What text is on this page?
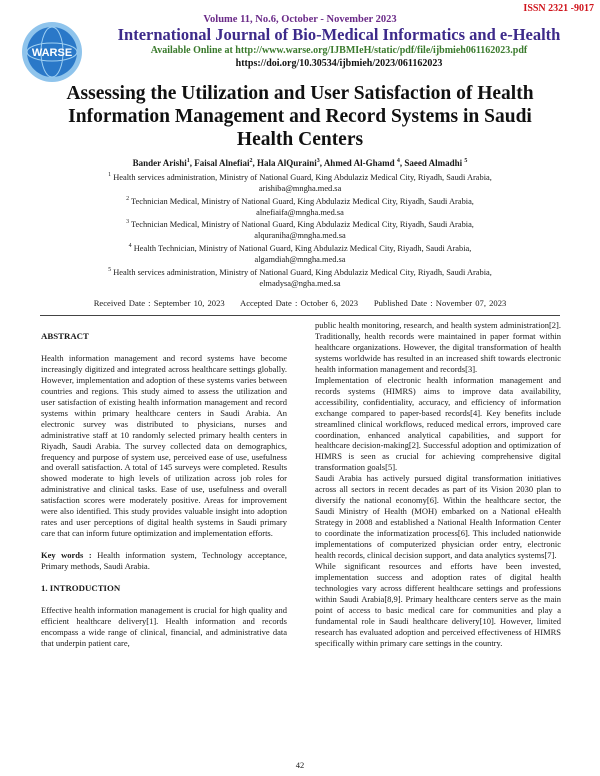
ISSN 2321 -9017
Volume 11, No.6, October - November 2023
WARSE
International Journal of Bio-Medical Informatics and e-Health
Available Online at http://www.warse.org/IJBMIeH/static/pdf/file/ijbmieh061162023.pdf
https://doi.org/10.30534/ijbmieh/2023/061162023
Assessing the Utilization and User Satisfaction of Health Information Management and Record Systems in Saudi Health Centers
Bander Arishi$^1$, Faisal Alnefiai$^2$, Hala AlQuraini$^3$, Ahmed Al-Ghamd $^4$, Saeed Almadhi $^5$
$^1$ Health services administration, Ministry of National Guard, King Abdulaziz Medical City, Riyadh, Saudi Arabia,
arishiba@mngha.med.sa
$^2$ Technician Medical, Ministry of National Guard, King Abdulaziz Medical City, Riyadh, Saudi Arabia,
alnefiaifa@mngha.med.sa
$^3$ Technician Medical, Ministry of National Guard, King Abdulaziz Medical City, Riyadh, Saudi Arabia,
alquraniha@mngha.med.sa
$^4$ Health Technician, Ministry of National Guard, King Abdulaziz Medical City, Riyadh, Saudi Arabia,
algamdiah@mngha.med.sa
$^5$ Health services administration, Ministry of National Guard, King Abdulaziz Medical City, Riyadh, Saudi Arabia,
elmadysa@ngha.med.sa
Received Date : September 10, 2023 Accepted Date : October 6, 2023 Published Date : November 07, 2023

ABSTRACT

Health information management and record systems have become increasingly digitized and integrated across healthcare settings globally. However, implementation and adoption of these systems varies between countries and regions. This study aimed to assess the utilization and user satisfaction of existing health information management and record systems within primary healthcare centers in Saudi Arabia. An electronic survey was distributed to physicians, nurses and administrative staff at 10 randomly selected primary health centers in Riyadh, Saudi Arabia. The survey collected data on demographics, frequency and purpose of system use, perceived ease of use, usefulness and overall satisfaction. A total of 145 surveys were completed. Results showed moderate to high levels of utilization across job roles for administrative and clinical tasks. Ease of use, usefulness and overall satisfaction scores were moderately positive. Areas for improvement were also identified. This study provides valuable insight into adoption rates and user perceptions of digital health systems in Saudi primary care that can inform future optimization and implementation efforts.

Key words : Health information system, Technology acceptance, Primary methods, Saudi Arabia.

1. INTRODUCTION

Effective health information management is crucial for high quality and efficient healthcare delivery[1]. Health information and records encompass a wide range of clinical, financial, and administrative data that underpin patient care,

public health monitoring, research, and health system administration[2]. Traditionally, health records were maintained in paper format within healthcare organizations. However, the digital transformation of health systems worldwide has resulted in an increased shift towards electronic health information management and records[3].

Implementation of electronic health information management and records systems (HIMRS) aims to improve data availability, accessibility, confidentiality, accuracy, and efficiency of information exchange compared to paper-based records[4]. Key benefits include streamlined clinical workflows, reduced medical errors, improved care coordination, enhanced analytical capabilities, and support for healthcare decision-making[2]. Successful adoption and optimization of HIMRS is seen as crucial for achieving comprehensive digital transformation goals[5].

Saudi Arabia has actively pursued digital transformation initiatives across all sectors in recent decades as part of its Vision 2030 plan to diversify the national economy[6]. Within the healthcare sector, the Saudi Ministry of Health (MOH) embarked on a National eHealth Strategy in 2008 and established a National Health Information Center to coordinate the informatization process[6]. This included nationwide implementations of computerized physician order entry, electronic health records, clinical decision support, and data analytics systems[7].

While significant resources and efforts have been invested, implementation success and adoption rates of digital health technologies vary across different healthcare settings and professions within Saudi Arabia[8,9]. Primary healthcare centers serve as the main point of access to basic medical care for communities and play a fundamental role in Saudi healthcare delivery[10]. However, limited research has evaluated adoption and perceived effectiveness of HIMRS specifically within primary care settings in the country.

42
